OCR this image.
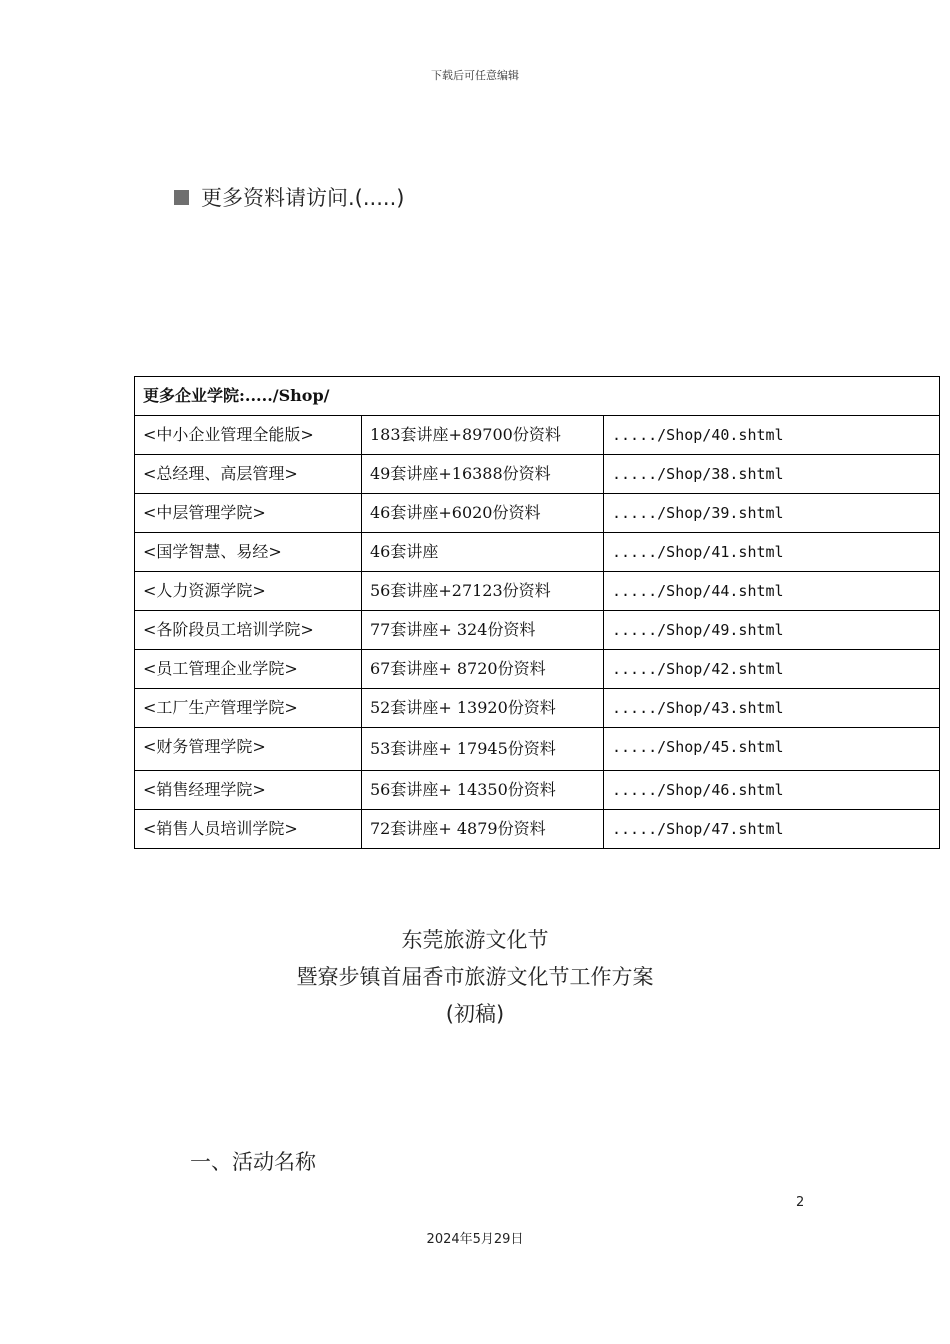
下载后可任意编辑
更多资料请访问.(.....)
更多企业学院:...../Shop/		
<中小企业管理全能版>	183套讲座+89700份资料	...../Shop/40.shtml
<总经理、高层管理>	49套讲座+16388份资料	...../Shop/38.shtml
<中层管理学院>	46套讲座+6020份资料	...../Shop/39.shtml
<国学智慧、易经>	46套讲座	...../Shop/41.shtml
<人力资源学院>	56套讲座+27123份资料	...../Shop/44.shtml
<各阶段员工培训学院>	77套讲座+ 324份资料	...../Shop/49.shtml
<员工管理企业学院>	67套讲座+ 8720份资料	...../Shop/42.shtml
<工厂生产管理学院>	52套讲座+ 13920份资料	...../Shop/43.shtml
<财务管理学院>	53套讲座+ 17945份资料	...../Shop/45.shtml
<销售经理学院>	56套讲座+ 14350份资料	...../Shop/46.shtml
<销售人员培训学院>	72套讲座+ 4879份资料	...../Shop/47.shtml
东莞旅游文化节
暨寮步镇首届香市旅游文化节工作方案
(初稿)
一、活动名称
2
2024年5月29日
